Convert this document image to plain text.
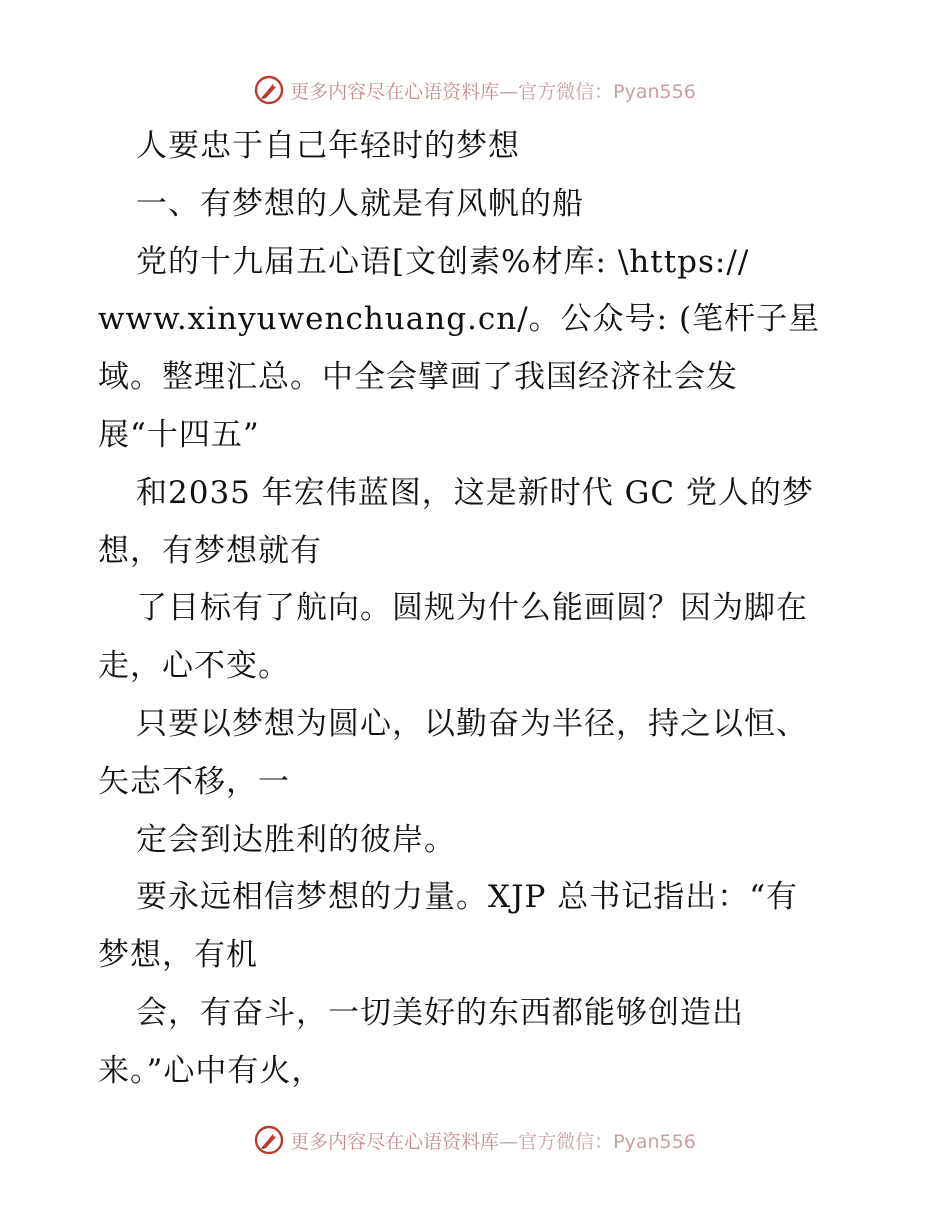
更多内容尽在心语资料库—官方微信：Pyan556
人要忠于自己年轻时的梦想
一、有梦想的人就是有风帆的船
党的十九届五心语[文创素%材库: \https://
www.xinyuwenchuang.cn/。公众号: (笔杆子星
域。整理汇总。中全会擘画了我国经济社会发
展“十四五”
和2035 年宏伟蓝图，这是新时代 GC 党人的梦
想，有梦想就有
了目标有了航向。圆规为什么能画圆？因为脚在
走，心不变。
只要以梦想为圆心，以勤奋为半径，持之以恒、
矢志不移，一
定会到达胜利的彼岸。
要永远相信梦想的力量。XJP 总书记指出：“有
梦想，有机
会，有奋斗，一切美好的东西都能够创造出
来。”心中有火，
更多内容尽在心语资料库—官方微信：Pyan556
